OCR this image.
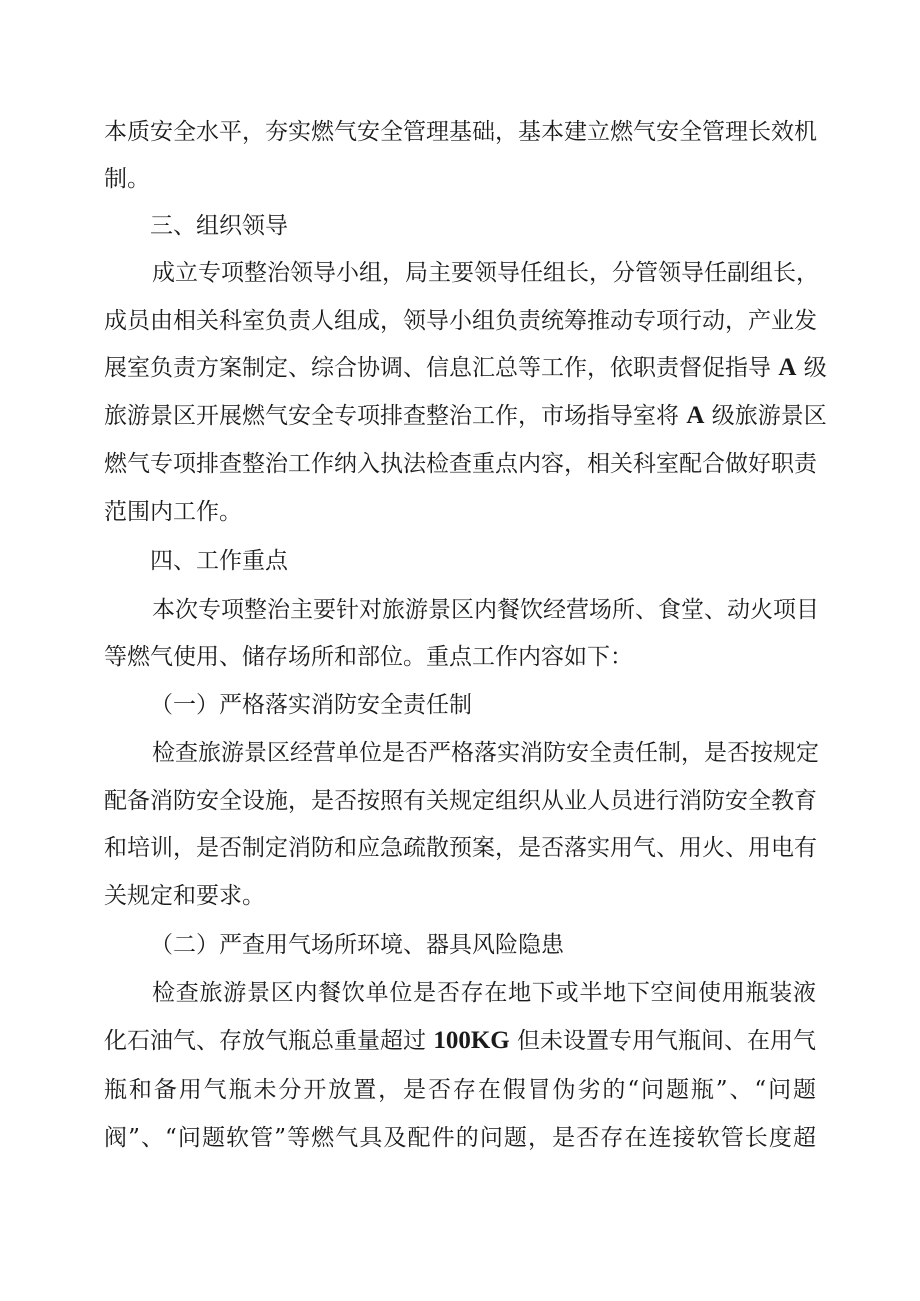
本质安全水平，夯实燃气安全管理基础，基本建立燃气安全管理长效机
制。
三、组织领导
成立专项整治领导小组，局主要领导任组长，分管领导任副组长，
成员由相关科室负责人组成，领导小组负责统筹推动专项行动，产业发
展室负责方案制定、综合协调、信息汇总等工作，依职责督促指导 A 级
旅游景区开展燃气安全专项排查整治工作，市场指导室将 A 级旅游景区
燃气专项排查整治工作纳入执法检查重点内容，相关科室配合做好职责
范围内工作。
四、工作重点
本次专项整治主要针对旅游景区内餐饮经营场所、食堂、动火项目
等燃气使用、储存场所和部位。重点工作内容如下：
（一）严格落实消防安全责任制
检查旅游景区经营单位是否严格落实消防安全责任制，是否按规定
配备消防安全设施，是否按照有关规定组织从业人员进行消防安全教育
和培训，是否制定消防和应急疏散预案，是否落实用气、用火、用电有
关规定和要求。
（二）严查用气场所环境、器具风险隐患
检查旅游景区内餐饮单位是否存在地下或半地下空间使用瓶装液
化石油气、存放气瓶总重量超过 100KG 但未设置专用气瓶间、在用气
瓶和备用气瓶未分开放置，是否存在假冒伪劣的“问题瓶”、“问题
阀”、“问题软管”等燃气具及配件的问题，是否存在连接软管长度超
